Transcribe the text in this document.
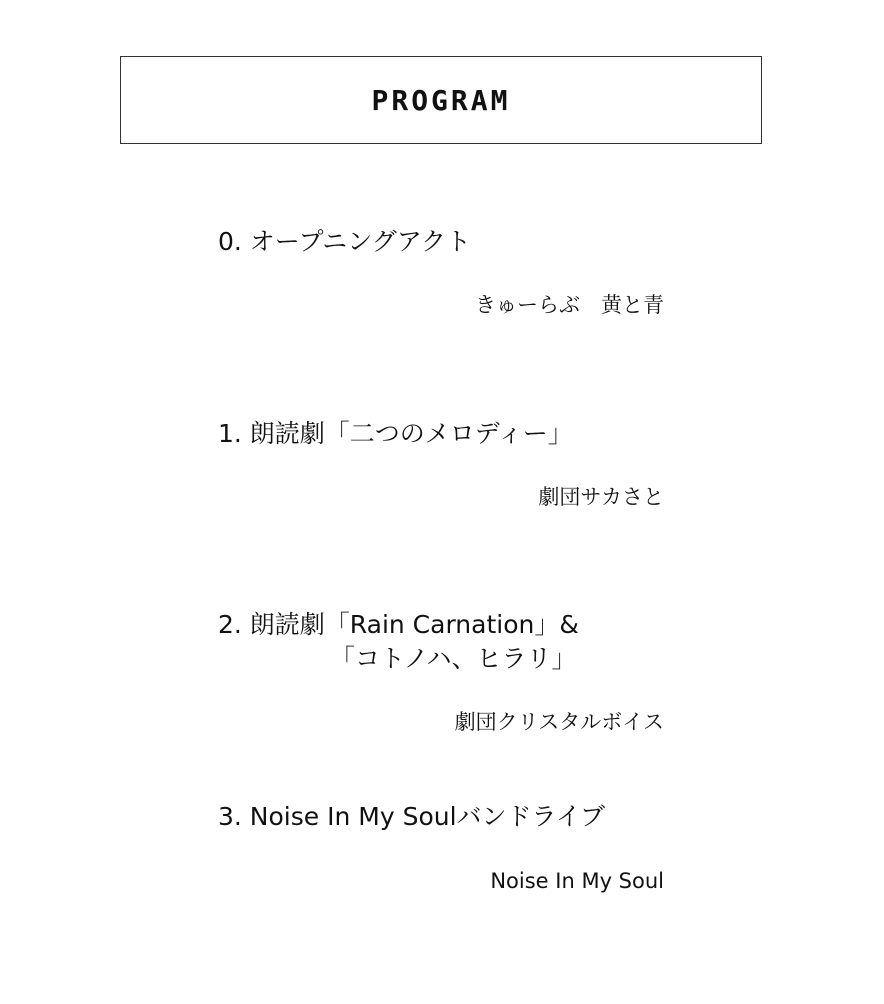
PROGRAM
0. オープニングアクト
きゅーらぶ　黄と青
1. 朗読劇「二つのメロディー」
劇団サカさと
2. 朗読劇「Rain Carnation」&
「コトノハ、ヒラリ」
劇団クリスタルボイス
3. Noise In My Soulバンドライブ
Noise In My Soul
